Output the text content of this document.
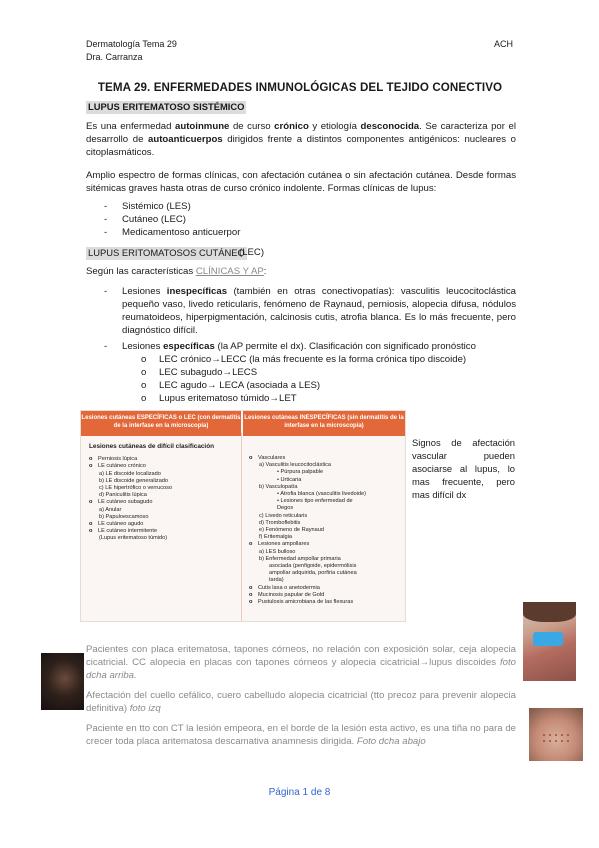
Dermatología Tema 29
Dra. Carranza
ACH
TEMA 29. ENFERMEDADES INMUNOLÓGICAS DEL TEJIDO CONECTIVO
LUPUS ERITEMATOSO SISTÉMICO
Es una enfermedad autoinmune de curso crónico y etiología desconocida. Se caracteriza por el desarrollo de autoanticuerpos dirigidos frente a distintos componentes antigénicos: nucleares o citoplasmáticos.
Amplio espectro de formas clínicas, con afectación cutánea o sin afectación cutánea. Desde formas sitémicas graves hasta otras de curso crónico indolente. Formas clínicas de lupus:
- Sistémico (LES)
- Cutáneo (LEC)
- Medicamentoso anticuerpor
LUPUS ERITOMATOSOS CUTÁNEO
(LEC)
Según las características CLÍNICAS Y AP:
- Lesiones inespecíficas (también en otras conectivopatías): vasculitis leucocitoclástica pequeño vaso, livedo reticularis, fenómeno de Raynaud, perniosis, alopecia difusa, nódulos reumatoideos, hiperpigmentación, calcinosis cutis, atrofia blanca. Es lo más frecuente, pero diagnóstico difícil.
- Lesiones específicas (la AP permite el dx). Clasificación con significado pronóstico
o LEC crónico→LECC (la más frecuente es la forma crónica tipo discoide)
o LEC subagudo→LECS
o LEC agudo→ LECA (asociada a LES)
o Lupus eritematoso túmido→LET
Lesiones cutáneas ESPECÍFICAS o LEC (con dermatitis de la interfase en la microscopía)
Lesiones cutáneas INESPECÍFICAS (sin dermatitis de la interfase en la microscopía)
Lesiones cutáneas de difícil clasificación
o Perniosis lúpica
o LE cutáneo crónico
a) LE discoide localizado
b) LE discoide generalizado
c) LE hipertrófico o verrucoso
d) Paniculitis lúpica
o LE cutáneo subagudo
a) Anular
b) Papuloescamoso
o LE cutáneo agudo
o LE cutáneo intermitente
(Lupus eritematoso túmido)
o Vasculares
a) Vasculitis leucocitoclástica
• Púrpura palpable
• Urticaria
b) Vasculopatía
• Atrofia blanca (vasculitis livedoide)
• Lesiones tipo enfermedad de
Degos
c) Livedo reticularis
d) Tromboflebitis
e) Fenómeno de Raynaud
f) Eritemalgia
o Lesiones ampollares
a) LES bulloso
b) Enfermedad ampollar primaria
asociada (penfigoide, epidermólisis
ampollar adquirida, porfiria cutánea
tarda)
o Cutis laxa o anetodermia
o Mucinosis papular de Gold
o Pustulosis amicrobiana de las flexuras
Signos de afectación vascular pueden asociarse al lupus, lo mas frecuente, pero mas difícil dx
Pacientes con placa eritematosa, tapones córneos, no relación con exposición solar, ceja alopecia cicatricial. CC alopecia en placas con tapones córneos y alopecia cicatricial→lupus discoides foto dcha arriba.
Afectación del cuello cefálico, cuero cabelludo alopecia cicatricial (tto precoz para prevenir alopecia definitiva) foto izq
Paciente en tto con CT la lesión empeora, en el borde de la lesión esta activo, es una tiña no para de crecer toda placa aritematosa descamativa anamnesis dirigida. Foto dcha abajo
Página 1 de 8
